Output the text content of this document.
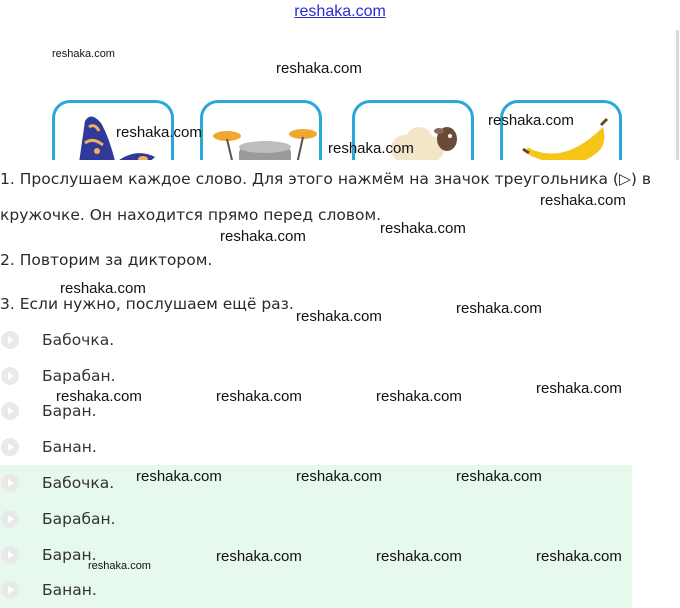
reshaka.com
1. Прослушаем каждое слово. Для этого нажмём на значок треугольника (▷) в
кружочке. Он находится прямо перед словом.
2. Повторим за диктором.
3. Если нужно, послушаем ещё раз.
Бабочка.
Барабан.
Баран.
Банан.
Бабочка.
Барабан.
Баран.
Банан.
reshaka.com
reshaka.com
reshaka.com
reshaka.com
reshaka.com
reshaka.com
reshaka.com	reshaka.com
reshaka.com
reshaka.com	reshaka.com
reshaka.com
reshaka.com	reshaka.com	reshaka.com
reshaka.com	reshaka.com	reshaka.com
reshaka.com	reshaka.com	reshaka.com
reshaka.com
